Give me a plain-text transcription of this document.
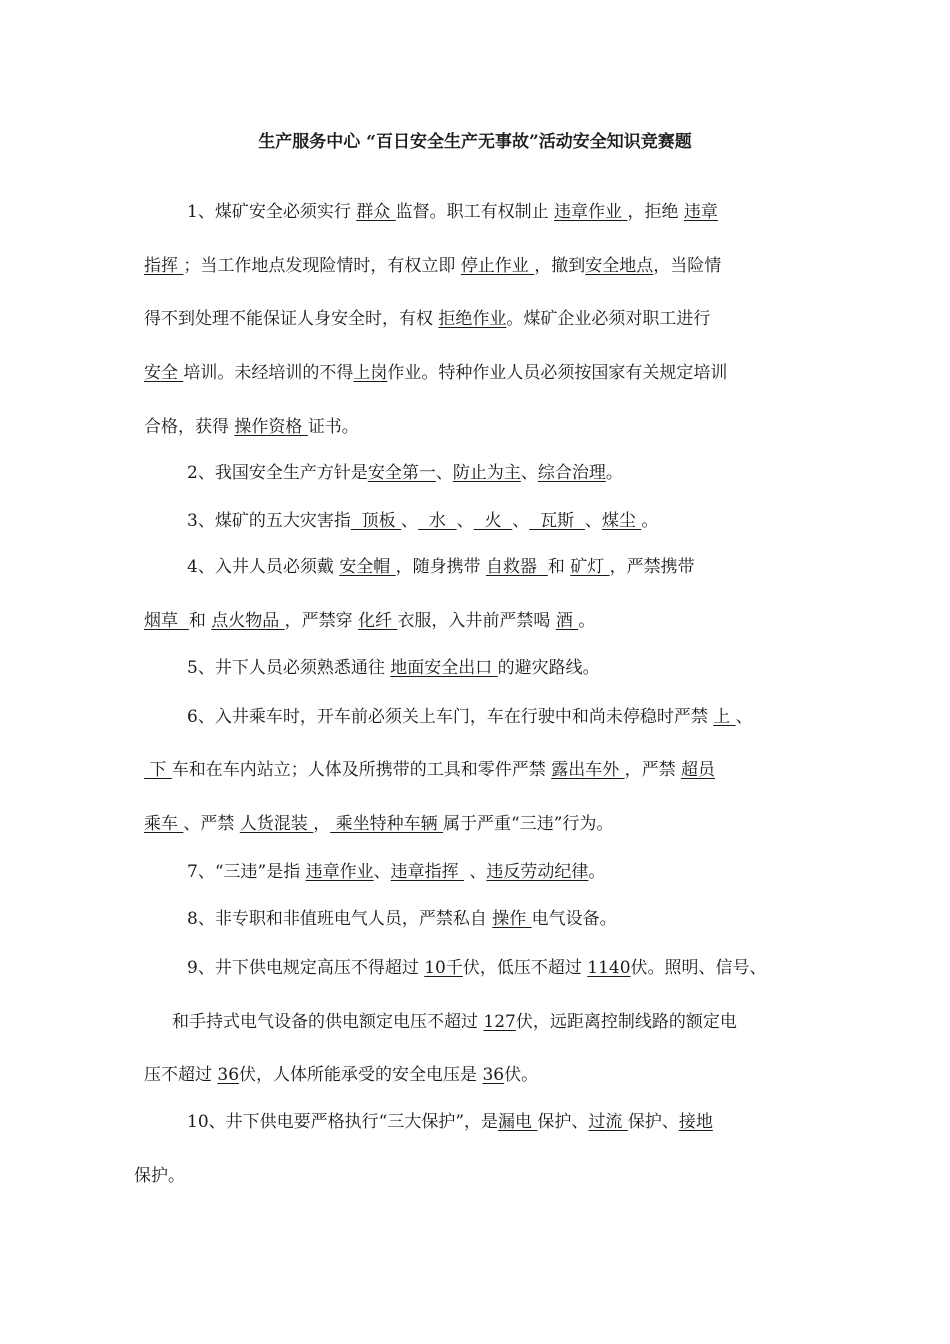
生产服务中心 “百日安全生产无事故”活动安全知识竞赛题
1、煤矿安全必须实行 群众 监督。职工有权制止 违章作业 ，拒绝 违章
指挥 ；当工作地点发现险情时，有权立即 停止作业 ，撤到安全地点，当险情
得不到处理不能保证人身安全时，有权 拒绝作业。煤矿企业必须对职工进行
安全 培训。未经培训的不得上岗作业。特种作业人员必须按国家有关规定培训
合格，获得 操作资格 证书。
2、我国安全生产方针是安全第一、防止为主、综合治理。
3、煤矿的五大灾害指  顶板 、  水  、  火  、  瓦斯  、煤尘 。
4、入井人员必须戴 安全帽 ，随身携带 自救器  和 矿灯 ，严禁携带
烟草  和 点火物品 ，严禁穿 化纤 衣服，入井前严禁喝 酒 。
5、井下人员必须熟悉通往 地面安全出口 的避灾路线。
6、入井乘车时，开车前必须关上车门，车在行驶中和尚未停稳时严禁 上 、
下 车和在车内站立；人体及所携带的工具和零件严禁 露出车外 ，严禁 超员
乘车 、严禁 人货混装 ， 乘坐特种车辆 属于严重“三违”行为。
7、“三违”是指 违章作业、违章指挥  、违反劳动纪律。
8、非专职和非值班电气人员，严禁私自 操作 电气设备。
9、井下供电规定高压不得超过 10千伏，低压不超过 1140伏。照明、信号、
和手持式电气设备的供电额定电压不超过 127伏，远距离控制线路的额定电
压不超过 36伏，人体所能承受的安全电压是 36伏。
10、井下供电要严格执行“三大保护”，是漏电 保护、过流 保护、接地
保护。
